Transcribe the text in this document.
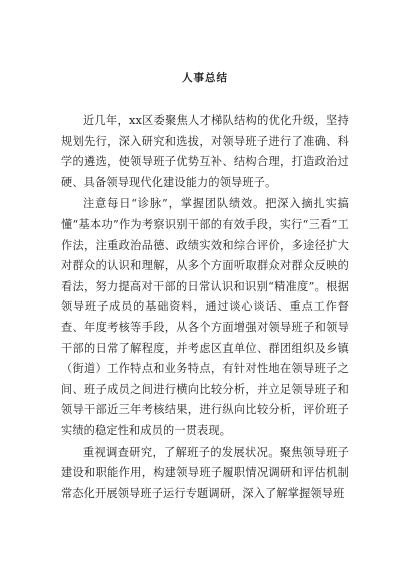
人事总结

近几年，xx区委聚焦人才梯队结构的优化升级，坚持规划先行，深入研究和选拔，对领导班子进行了准确、科学的遴选，使领导班子优势互补、结构合理，打造政治过硬、具备领导现代化建设能力的领导班子。

注意每日“诊脉”，掌握团队绩效。把深入摘扎实搞懂“基本功”作为考察识别干部的有效手段，实行“三看”工作法，注重政治品德、政绩实效和综合评价，多途径扩大对群众的认识和理解，从多个方面听取群众对群众反映的看法，努力提高对干部的日常认识和识别“精准度”。根据领导班子成员的基础资料，通过谈心谈话、重点工作督查、年度考核等手段，从各个方面增强对领导班子和领导干部的日常了解程度，并考虑区直单位、群团组织及乡镇（街道）工作特点和业务特点，有针对性地在领导班子之间、班子成员之间进行横向比较分析，并立足领导班子和领导干部近三年考核结果，进行纵向比较分析，评价班子实绩的稳定性和成员的一贯表现。

重视调查研究，了解班子的发展状况。聚焦领导班子建设和职能作用，构建领导班子履职情况调研和评估机制常态化开展领导班子运行专题调研，深入了解掌握领导班
